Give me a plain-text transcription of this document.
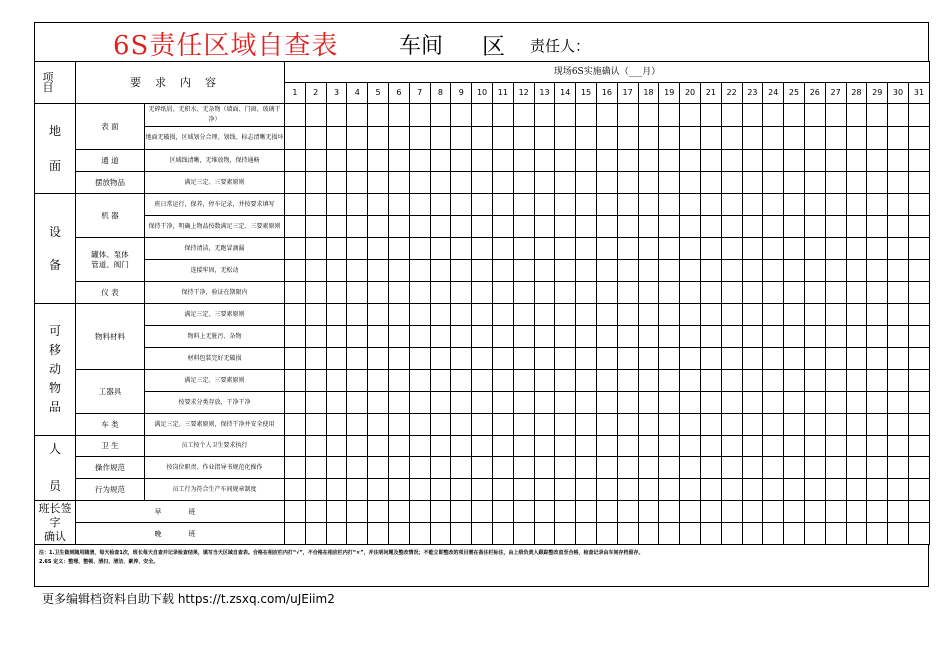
6S责任区域自查表	车间 区 责任人：
项　目	要求内容		现场6S实施确认（___月）																														
			1	2	3	4	5	6	7	8	9	10	11	12	13	14	15	16	17	18	19	20	21	22	23	24	25	26	27	28	29	30	31

地
面	表 面	无碎纸屑、无积水、无杂物（墙面、门窗、玻璃干净）																															
		地面无破损，区域划分合理、划线、标志清晰无损坏																															
	通 道	区域线清晰，无堆放物，保持通畅																															
	摆放物品	满足三定、三要素原则																															

设
备	机 器	班日常运行，保养，停车记录，并按要求填写																															
		保持干净，明确上物品按数满足三定、三要素原则																															

	罐体、泵体
管道、阀门	保持清洁，无跑冒滴漏																															
		连接牢固，无松动																															
	仪 表	保持干净，验证在期限内																															

可
移
动
物
品	物料材料	满足三定、三要素原则																															
		物料上无脏污、杂物																															
		材料包装完好无破损																															
	工器具	满足三定、三要素原则																															
		按要求分类存放，干净干净																															
	车 类	满足三定、三要素原则，保持干净并安全使用																															

人
员	卫 生	员工按个人卫生要求执行																															
	操作规范	按岗位职责、作业指导书规范化操作																															
	行为规范	员工行为符合生产车间规章制度																															

班长签字
确认	早　班																																
	晚　班																																
注：1.卫生做到随用随清，每天检查1次，班长每天自查并记录检查结果，填写当天区域自查表。合格在相应栏内打“√”，不合格在相应栏内打“×”，并注明问题及整改情况；不能立即整改的项目需在备注栏标注，由上级负责人跟踪整改直至合格，检查记录由车间存档留存。
2.6S 定义：整理、整顿、清扫、清洁、素养、安全。
更多编辑档资料自助下载 https://t.zsxq.com/uJEiim2
